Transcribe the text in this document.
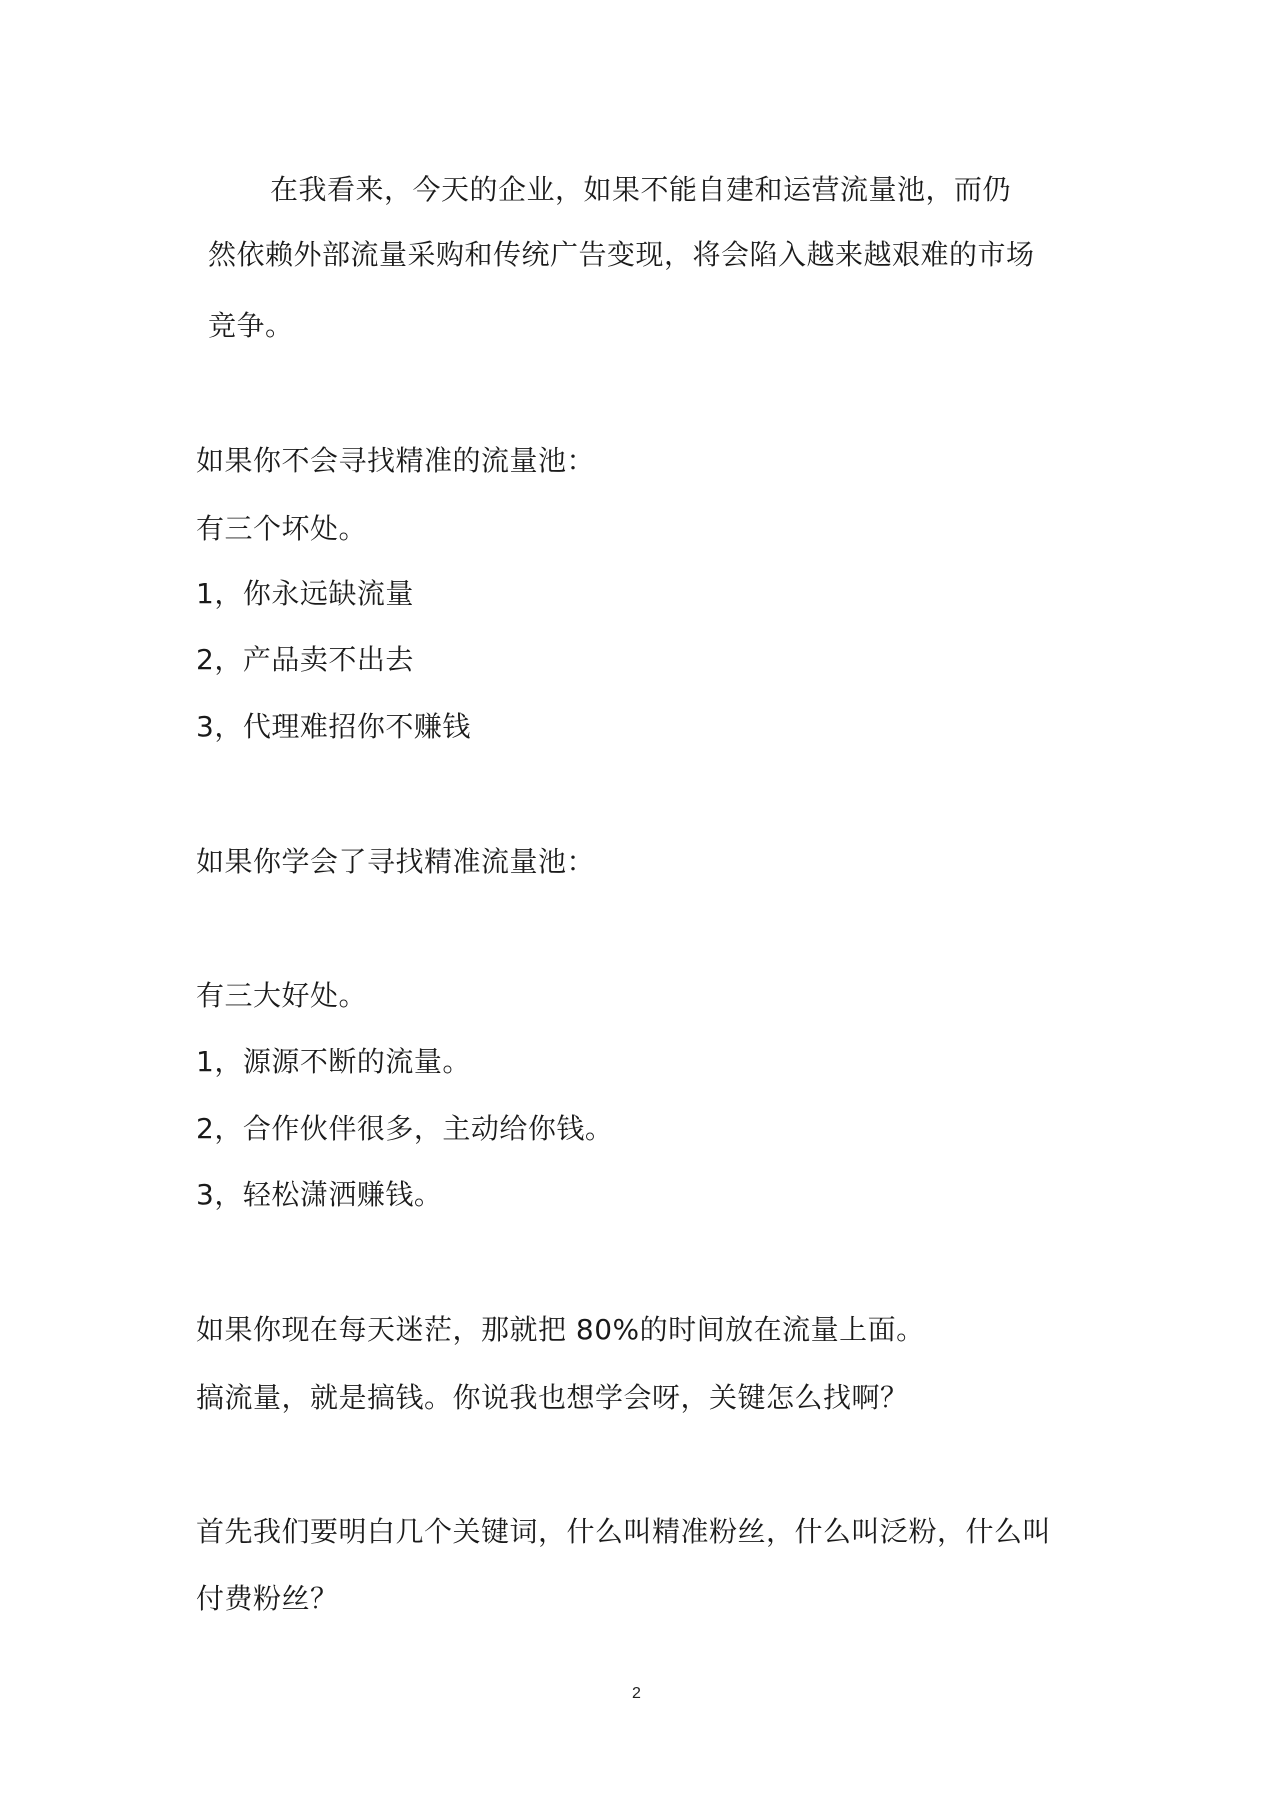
在我看来，今天的企业，如果不能自建和运营流量池，而仍
然依赖外部流量采购和传统广告变现，将会陷入越来越艰难的市场
竞争。
如果你不会寻找精准的流量池：
有三个坏处。
1，你永远缺流量
2，产品卖不出去
3，代理难招你不赚钱
如果你学会了寻找精准流量池：
有三大好处。
1，源源不断的流量。
2，合作伙伴很多，主动给你钱。
3，轻松潇洒赚钱。
如果你现在每天迷茫，那就把 80%的时间放在流量上面。
搞流量，就是搞钱。你说我也想学会呀，关键怎么找啊？
首先我们要明白几个关键词，什么叫精准粉丝，什么叫泛粉，什么叫
付费粉丝？
2
